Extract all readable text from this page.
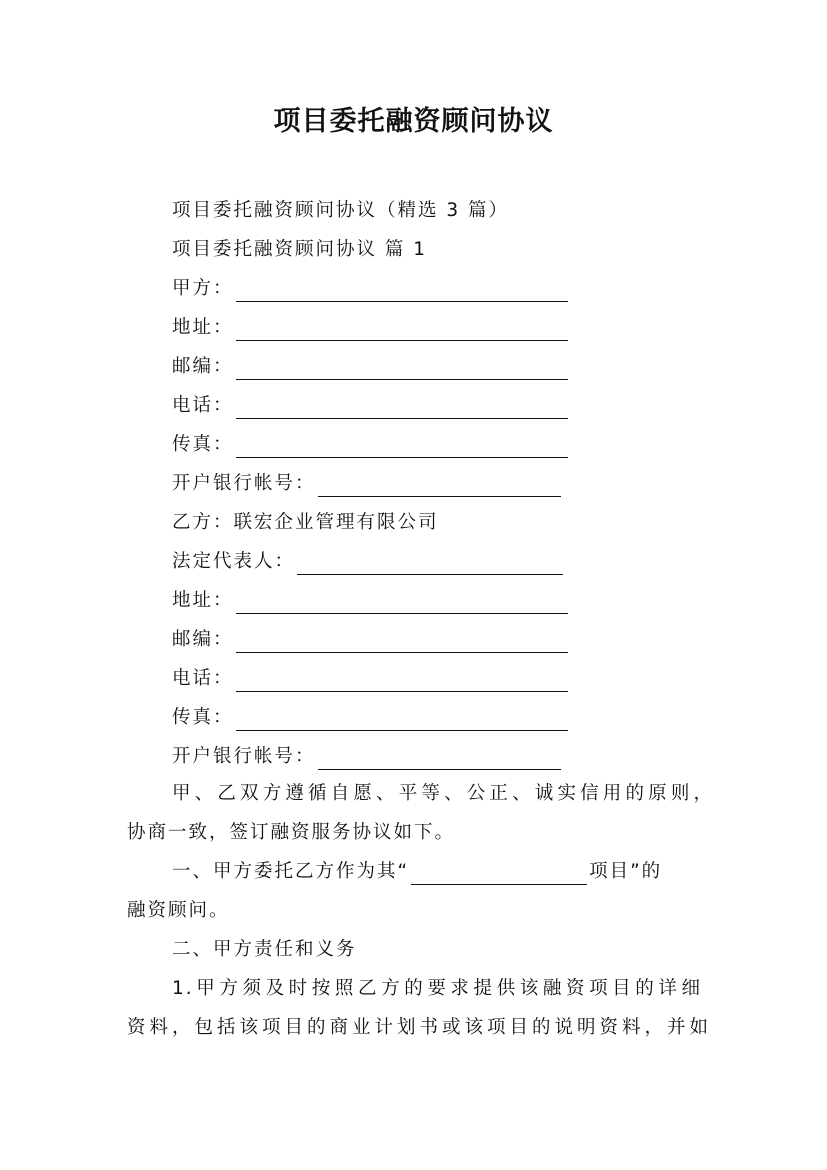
项目委托融资顾问协议
项目委托融资顾问协议（精选 3 篇）
项目委托融资顾问协议 篇 1
甲方：
地址：
邮编：
电话：
传真：
开户银行帐号：
乙方：联宏企业管理有限公司
法定代表人：
地址：
邮编：
电话：
传真：
开户银行帐号：
甲、乙双方遵循自愿、平等、公正、诚实信用的原则，
协商一致，签订融资服务协议如下。
一、甲方委托乙方作为其“	项目”的
融资顾问。
二、甲方责任和义务
1.甲方须及时按照乙方的要求提供该融资项目的详细
资料，包括该项目的商业计划书或该项目的说明资料，并如
